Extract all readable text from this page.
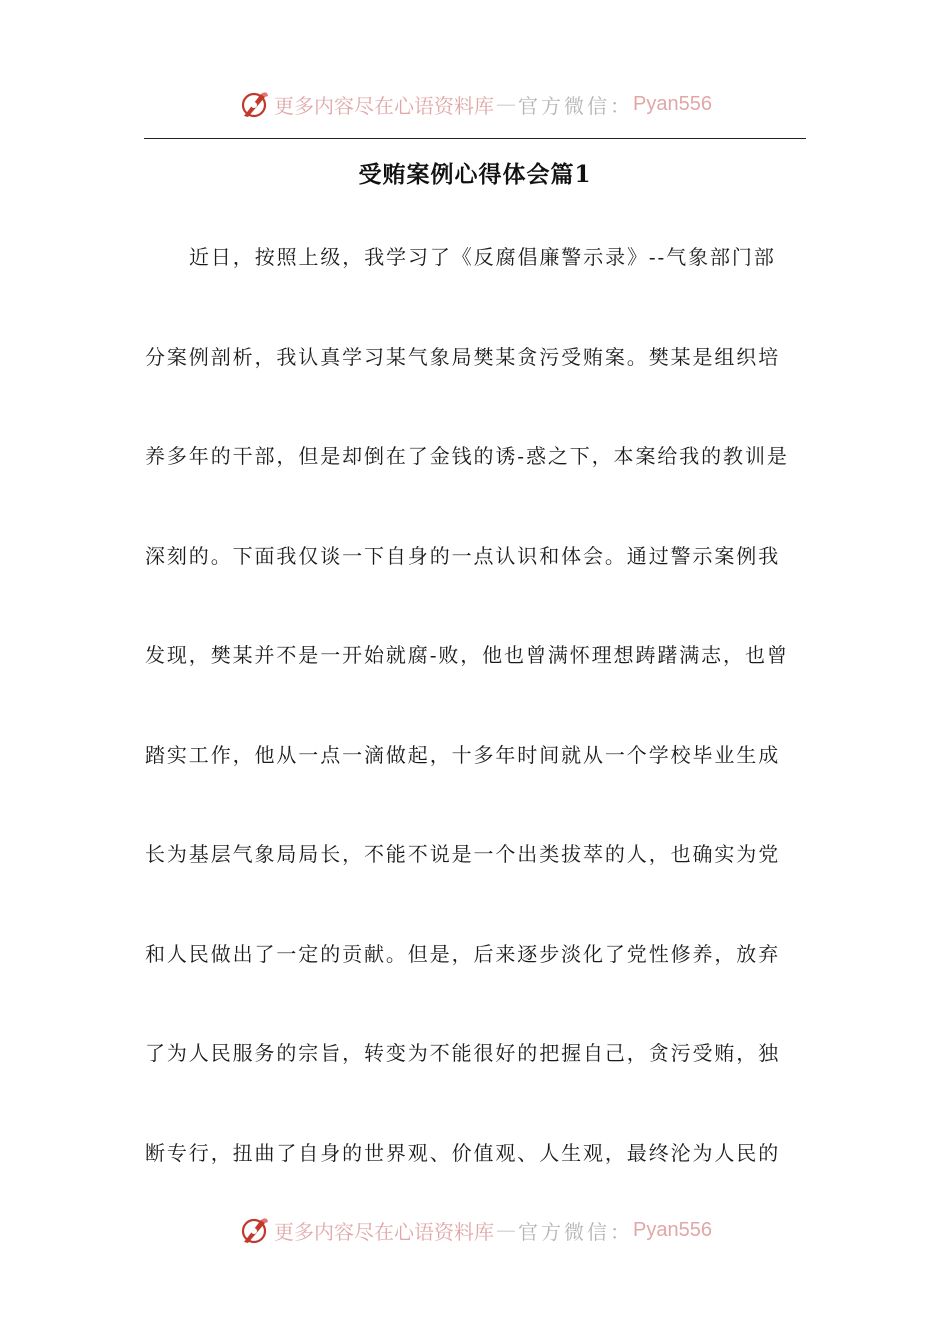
更多内容尽在心语资料库 — 官方微信： Pyan556
受贿案例心得体会篇1
近日，按照上级，我学习了《反腐倡廉警示录》--气象部门部
分案例剖析，我认真学习某气象局樊某贪污受贿案。樊某是组织培
养多年的干部，但是却倒在了金钱的诱-惑之下，本案给我的教训是
深刻的。下面我仅谈一下自身的一点认识和体会。通过警示案例我
发现，樊某并不是一开始就腐-败，他也曾满怀理想踌躇满志，也曾
踏实工作，他从一点一滴做起，十多年时间就从一个学校毕业生成
长为基层气象局局长，不能不说是一个出类拔萃的人，也确实为党
和人民做出了一定的贡献。但是，后来逐步淡化了党性修养，放弃
了为人民服务的宗旨，转变为不能很好的把握自己，贪污受贿，独
断专行，扭曲了自身的世界观、价值观、人生观，最终沦为人民的
更多内容尽在心语资料库 — 官方微信： Pyan556
